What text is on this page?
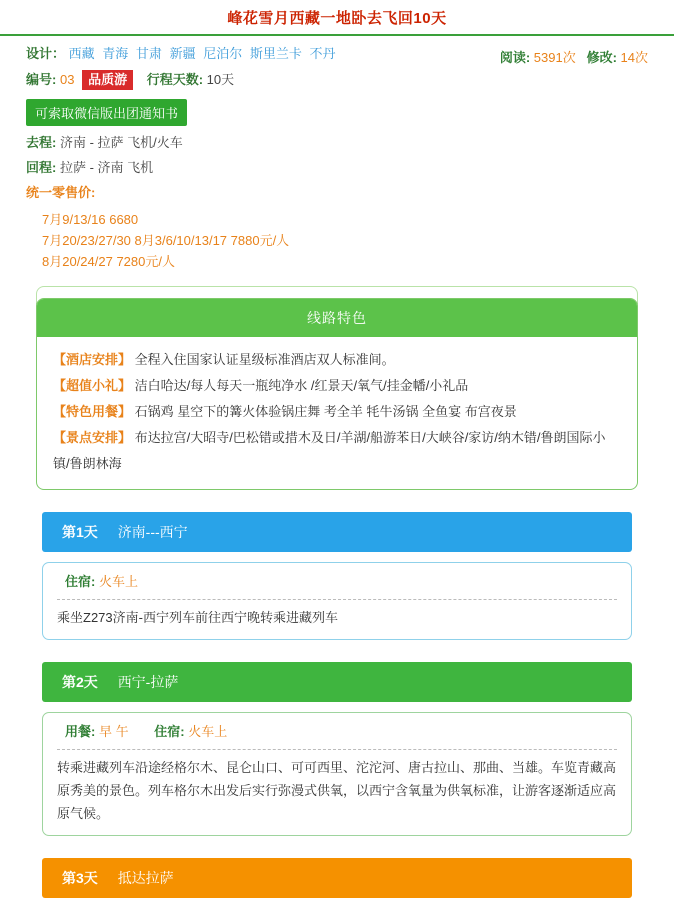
峰花雪月西藏一地卧去飞回10天
阅读: 5391次 修改: 14次
设计： 西藏 青海 甘肃 新疆 尼泊尔 斯里兰卡 不丹
编号: 03 品质游 行程天数: 10天
可索取微信版出团通知书
去程: 济南 - 拉萨 飞机/火车
回程: 拉萨 - 济南 飞机
统一零售价:
7月9/13/16 6680
7月20/23/27/30 8月3/6/10/13/17 7880元/人
8月20/24/27 7280元/人
线路特色
【酒店安排】 全程入住国家认证星级标准酒店双人标准间。
【超值小礼】 洁白哈达/每人每天一瓶纯净水 /红景天/氧气/挂金幡/小礼品
【特色用餐】 石锅鸡 星空下的篝火体验锅庄舞 考全羊 牦牛汤锅 全鱼宴 布宫夜景
【景点安排】 布达拉宫/大昭寺/巴松错或措木及日/羊湖/船游苯日/大峡谷/家访/纳木错/鲁朗国际小镇/鲁朗林海
第1天 济南---西宁
住宿: 火车上
乘坐Z273济南-西宁列车前往西宁晚转乘进藏列车
第2天 西宁-拉萨
用餐: 早 午 住宿: 火车上
转乘进藏列车沿途经格尔木、昆仑山口、可可西里、沱沱河、唐古拉山、那曲、当雄。车览青藏高原秀美的景色。列车格尔木出发后实行弥漫式供氧，以西宁含氧量为供氧标准，让游客逐渐适应高原气候。
第3天 抵达拉萨
